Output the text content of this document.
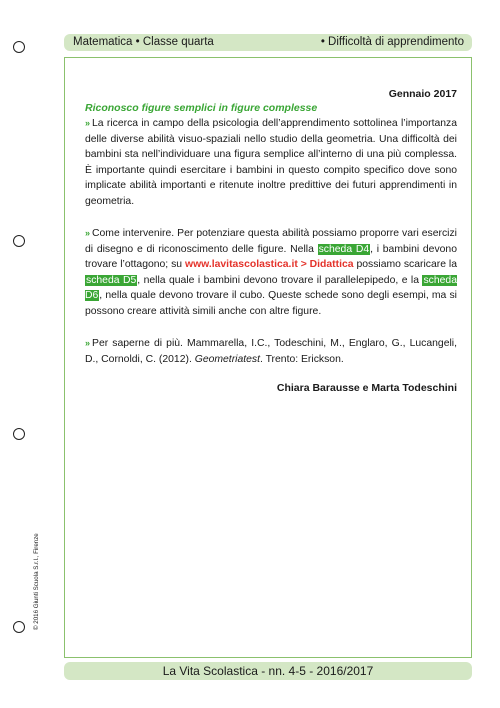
Matematica • Classe quarta	• Difficoltà di apprendimento
Gennaio 2017
Riconosco figure semplici in figure complesse

» La ricerca in campo della psicologia dell’apprendimento sottolinea l’importanza delle diverse abilità visuo-spaziali nello studio della geometria. Una difficoltà dei bambini sta nell’individuare una figura semplice all’interno di una più complessa. È importante quindi esercitare i bambini in questo compito specifico dove sono implicate abilità importanti e ritenute inoltre predittive dei futuri apprendimenti in geometria.

» Come intervenire. Per potenziare questa abilità possiamo proporre vari esercizi di disegno e di riconoscimento delle figure. Nella scheda D4, i bambini devono trovare l’ottagono; su www.lavitascolastica.it > Didattica possiamo scaricare la scheda D5, nella quale i bambini devono trovare il parallelepipedo, e la scheda D6, nella quale devono trovare il cubo. Queste schede sono degli esempi, ma si possono creare attività simili anche con altre figure.

» Per saperne di più. Mammarella, I.C., Todeschini, M., Englaro, G., Lucangeli, D., Cornoldi, C. (2012). Geometriatest. Trento: Erickson.

Chiara Barausse e Marta Todeschini
© 2016 Giunti Scuola S.r.l., Firenze
La Vita Scolastica - nn. 4-5 - 2016/2017
